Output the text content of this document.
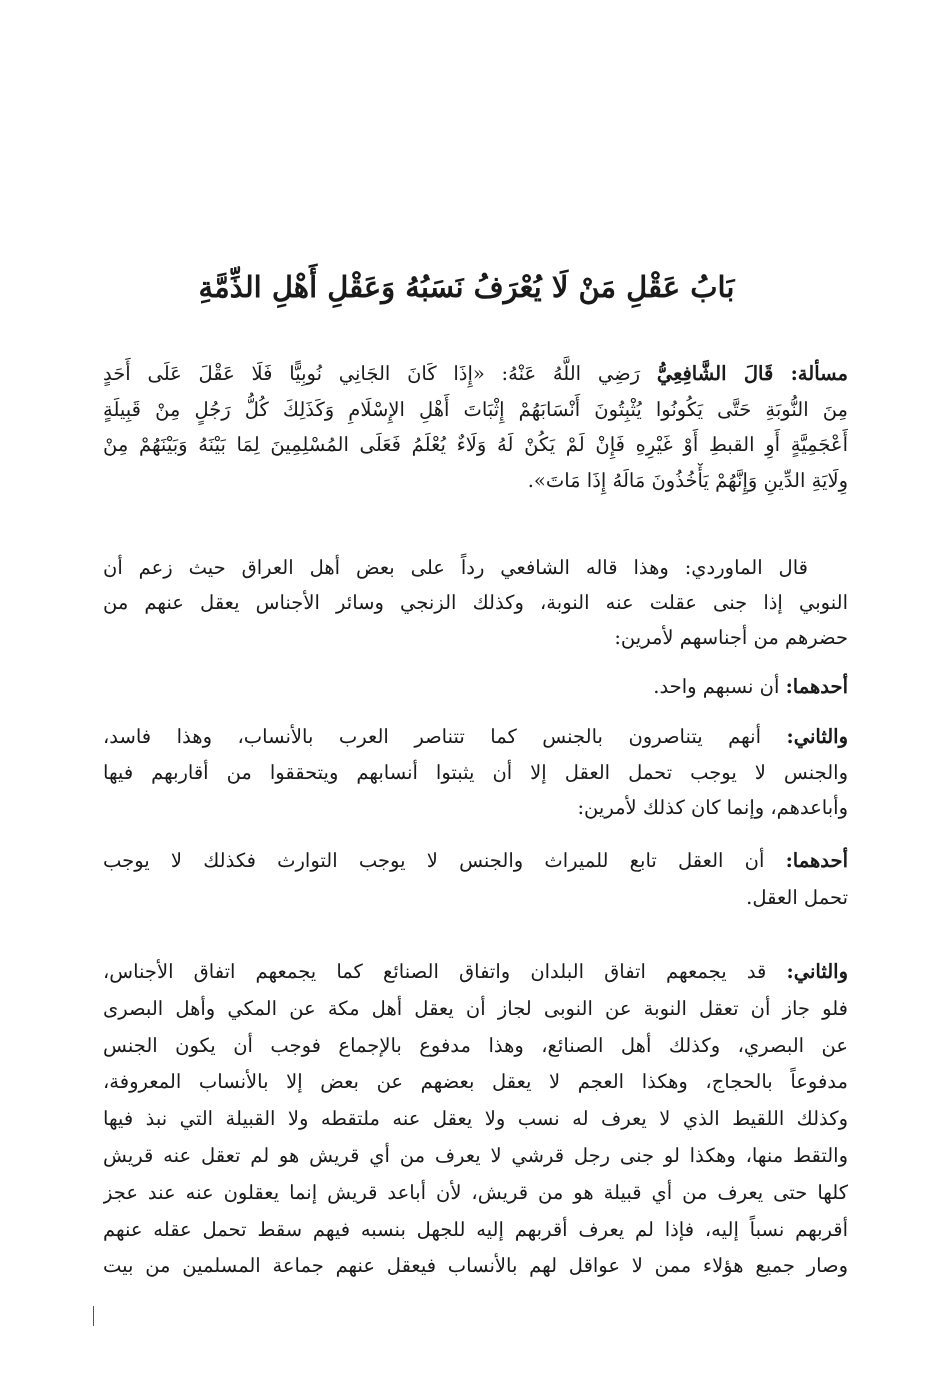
بَابُ عَقْلِ مَنْ لَا يُعْرَفُ نَسَبُهُ وَعَقْلِ أَهْلِ الذِّمَّةِ

مسألة: قَالَ الشَّافِعِيُّ رَضِي اللَّهُ عَنْهُ: «إِذَا كَانَ الجَانِي نُوبِيًّا فَلَا عَقْلَ عَلَى أَحَدٍ
مِنَ النُّوبَةِ حَتَّى يَكُونُوا يُثْبِتُونَ أَنْسَابَهُمْ إِثْبَاتَ أَهْلِ الإِسْلَامِ وَكَذَلِكَ كُلُّ رَجُلٍ مِنْ قَبِيلَةٍ
أَعْجَمِيَّةٍ أَوِ القبطِ أَوْ غَيْرِهِ فَإِنْ لَمْ يَكُنْ لَهُ وَلَاءٌ يُعْلَمُ فَعَلَى المُسْلِمِينَ لِمَا بَيْنَهُ وَبَيْنَهُمْ مِنْ
وِلَايَةِ الدِّينِ وَإِنَّهُمْ يَأْخُذُونَ مَالَهُ إِذَا مَاتَ».

قال الماوردي: وهذا قاله الشافعي رداً على بعض أهل العراق حيث زعم أن
النوبي إذا جنى عقلت عنه النوبة، وكذلك الزنجي وسائر الأجناس يعقل عنهم من
حضرهم من أجناسهم لأمرين:

أحدهما: أن نسبهم واحد.

والثاني: أنهم يتناصرون بالجنس كما تتناصر العرب بالأنساب، وهذا فاسد،
والجنس لا يوجب تحمل العقل إلا أن يثبتوا أنسابهم ويتحققوا من أقاربهم فيها
وأباعدهم، وإنما كان كذلك لأمرين:

أحدهما: أن العقل تابع للميراث والجنس لا يوجب التوارث فكذلك لا يوجب
تحمل العقل.

والثاني: قد يجمعهم اتفاق البلدان واتفاق الصنائع كما يجمعهم اتفاق الأجناس،
فلو جاز أن تعقل النوبة عن النوبى لجاز أن يعقل أهل مكة عن المكي وأهل البصرى
عن البصري، وكذلك أهل الصنائع، وهذا مدفوع بالإجماع فوجب أن يكون الجنس
مدفوعاً بالحجاج، وهكذا العجم لا يعقل بعضهم عن بعض إلا بالأنساب المعروفة،
وكذلك اللقيط الذي لا يعرف له نسب ولا يعقل عنه ملتقطه ولا القبيلة التي نبذ فيها
والتقط منها، وهكذا لو جنى رجل قرشي لا يعرف من أي قريش هو لم تعقل عنه قريش
كلها حتى يعرف من أي قبيلة هو من قريش، لأن أباعد قريش إنما يعقلون عنه عند عجز
أقربهم نسباً إليه، فإذا لم يعرف أقربهم إليه للجهل بنسبه فيهم سقط تحمل عقله عنهم
وصار جميع هؤلاء ممن لا عواقل لهم بالأنساب فيعقل عنهم جماعة المسلمين من بيت
